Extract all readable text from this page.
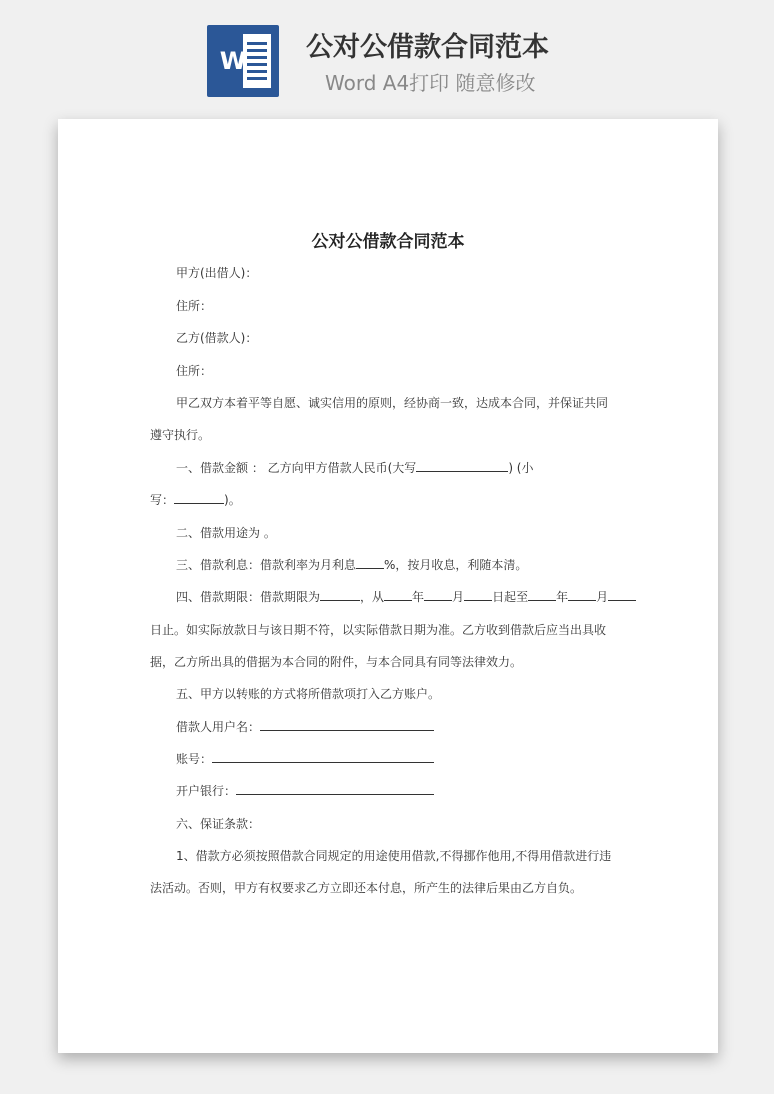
W 公对公借款合同范本
Word A4打印 随意修改
公对公借款合同范本
甲方(出借人)：
住所：
乙方(借款人)：
住所：
甲乙双方本着平等自愿、诚实信用的原则，经协商一致，达成本合同，并保证共同
遵守执行。
一、借款金额 ： 乙方向甲方借款人民币(大写	) (小
写：	)。
二、借款用途为 。
三、借款利息：借款利率为月利息 %，按月收息，利随本清。
四、借款期限：借款期限为	，从 年 月 日起至 年 月
日止。如实际放款日与该日期不符，以实际借款日期为准。乙方收到借款后应当出具收
据，乙方所出具的借据为本合同的附件，与本合同具有同等法律效力。
五、甲方以转账的方式将所借款项打入乙方账户。
借款人用户名：
账号：
开户银行：
六、保证条款：
1、借款方必须按照借款合同规定的用途使用借款,不得挪作他用,不得用借款进行违
法活动。否则，甲方有权要求乙方立即还本付息，所产生的法律后果由乙方自负。
